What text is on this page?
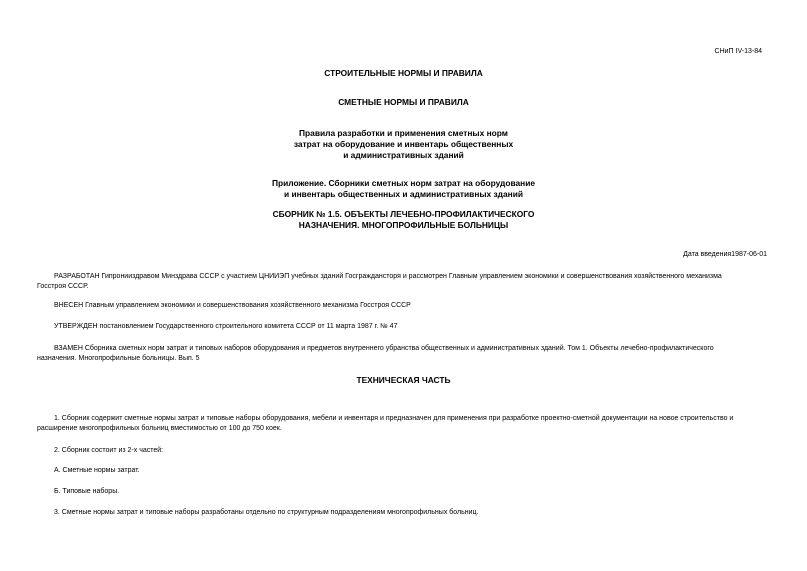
СНиП IV-13-84
СТРОИТЕЛЬНЫЕ НОРМЫ И ПРАВИЛА
СМЕТНЫЕ НОРМЫ И ПРАВИЛА
Правила разработки и применения сметных норм
затрат на оборудование и инвентарь общественных
и административных зданий
Приложение. Сборники сметных норм затрат на оборудование
и инвентарь общественных и административных зданий
СБОРНИК № 1.5. ОБЪЕКТЫ ЛЕЧЕБНО-ПРОФИЛАКТИЧЕСКОГО
НАЗНАЧЕНИЯ. МНОГОПРОФИЛЬНЫЕ БОЛЬНИЦЫ
Дата введения1987-06-01
РАЗРАБОТАН Гипронииздравом Минздрава СССР с участием ЦНИИЭП учебных зданий Госграждансторя и рассмотрен Главным управлением экономики и совершенствования хозяйственного механизма
Госстроя СССР.
ВНЕСЕН Главным управлением экономики и совершенствования хозяйственного механизма Госстроя СССР
УТВЕРЖДЕН постановлением Государственного строительного комитета СССР от 11 марта 1987 г. № 47
ВЗАМЕН Сборника сметных норм затрат и типовых наборов оборудования и предметов внутреннего убранства общественных и административных зданий. Том 1. Объекты лечебно-профилактического
назначения. Многопрофильные больницы. Вып. 5
ТЕХНИЧЕСКАЯ ЧАСТЬ
1. Сборник содержит сметные нормы затрат и типовые наборы оборудования, мебели и инвентаря и предназначен для применения при разработке проектно-сметной документации на новое строительство и
расширение многопрофильных больниц вместимостью от 100 до 750 коек.
2. Сборник состоит из 2-х частей:
А. Сметные нормы затрат.
Б. Типовые наборы.
3. Сметные нормы затрат и типовые наборы разработаны отдельно по структурным подразделениям многопрофильных больниц.
